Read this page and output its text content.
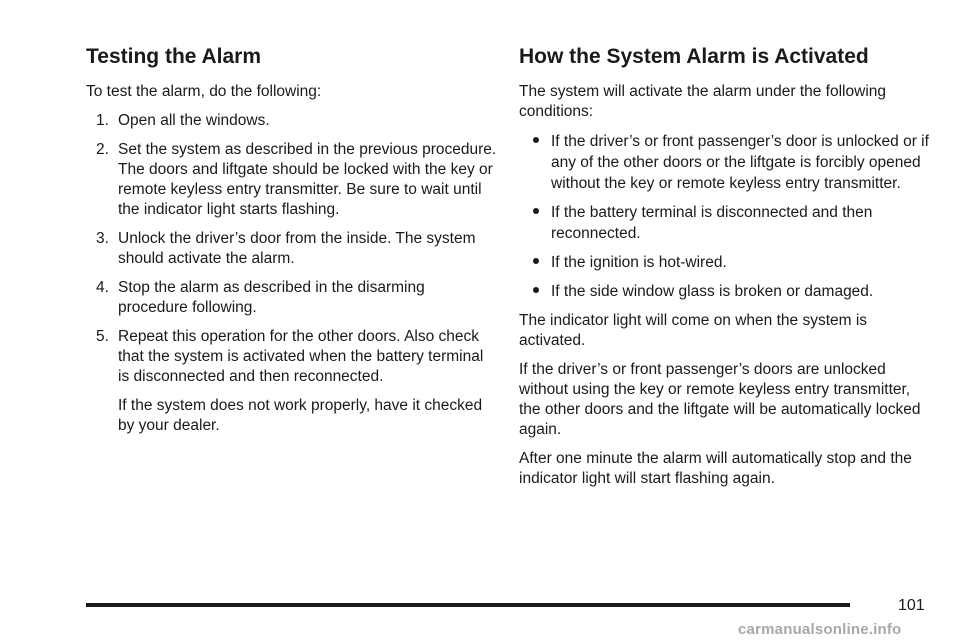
Testing the Alarm

To test the alarm, do the following:

1. Open all the windows.
2. Set the system as described in the previous procedure. The doors and liftgate should be locked with the key or remote keyless entry transmitter. Be sure to wait until the indicator light starts flashing.
3. Unlock the driver’s door from the inside. The system should activate the alarm.
4. Stop the alarm as described in the disarming procedure following.
5. Repeat this operation for the other doors. Also check that the system is activated when the battery terminal is disconnected and then reconnected.

If the system does not work properly, have it checked by your dealer.

How the System Alarm is Activated

The system will activate the alarm under the following conditions:

If the driver’s or front passenger’s door is unlocked or if any of the other doors or the liftgate is forcibly opened without the key or remote keyless entry transmitter.
If the battery terminal is disconnected and then reconnected.
If the ignition is hot-wired.
If the side window glass is broken or damaged.

The indicator light will come on when the system is activated.

If the driver’s or front passenger’s doors are unlocked without using the key or remote keyless entry transmitter, the other doors and the liftgate will be automatically locked again.

After one minute the alarm will automatically stop and the indicator light will start flashing again.

101
carmanualsonline.info
